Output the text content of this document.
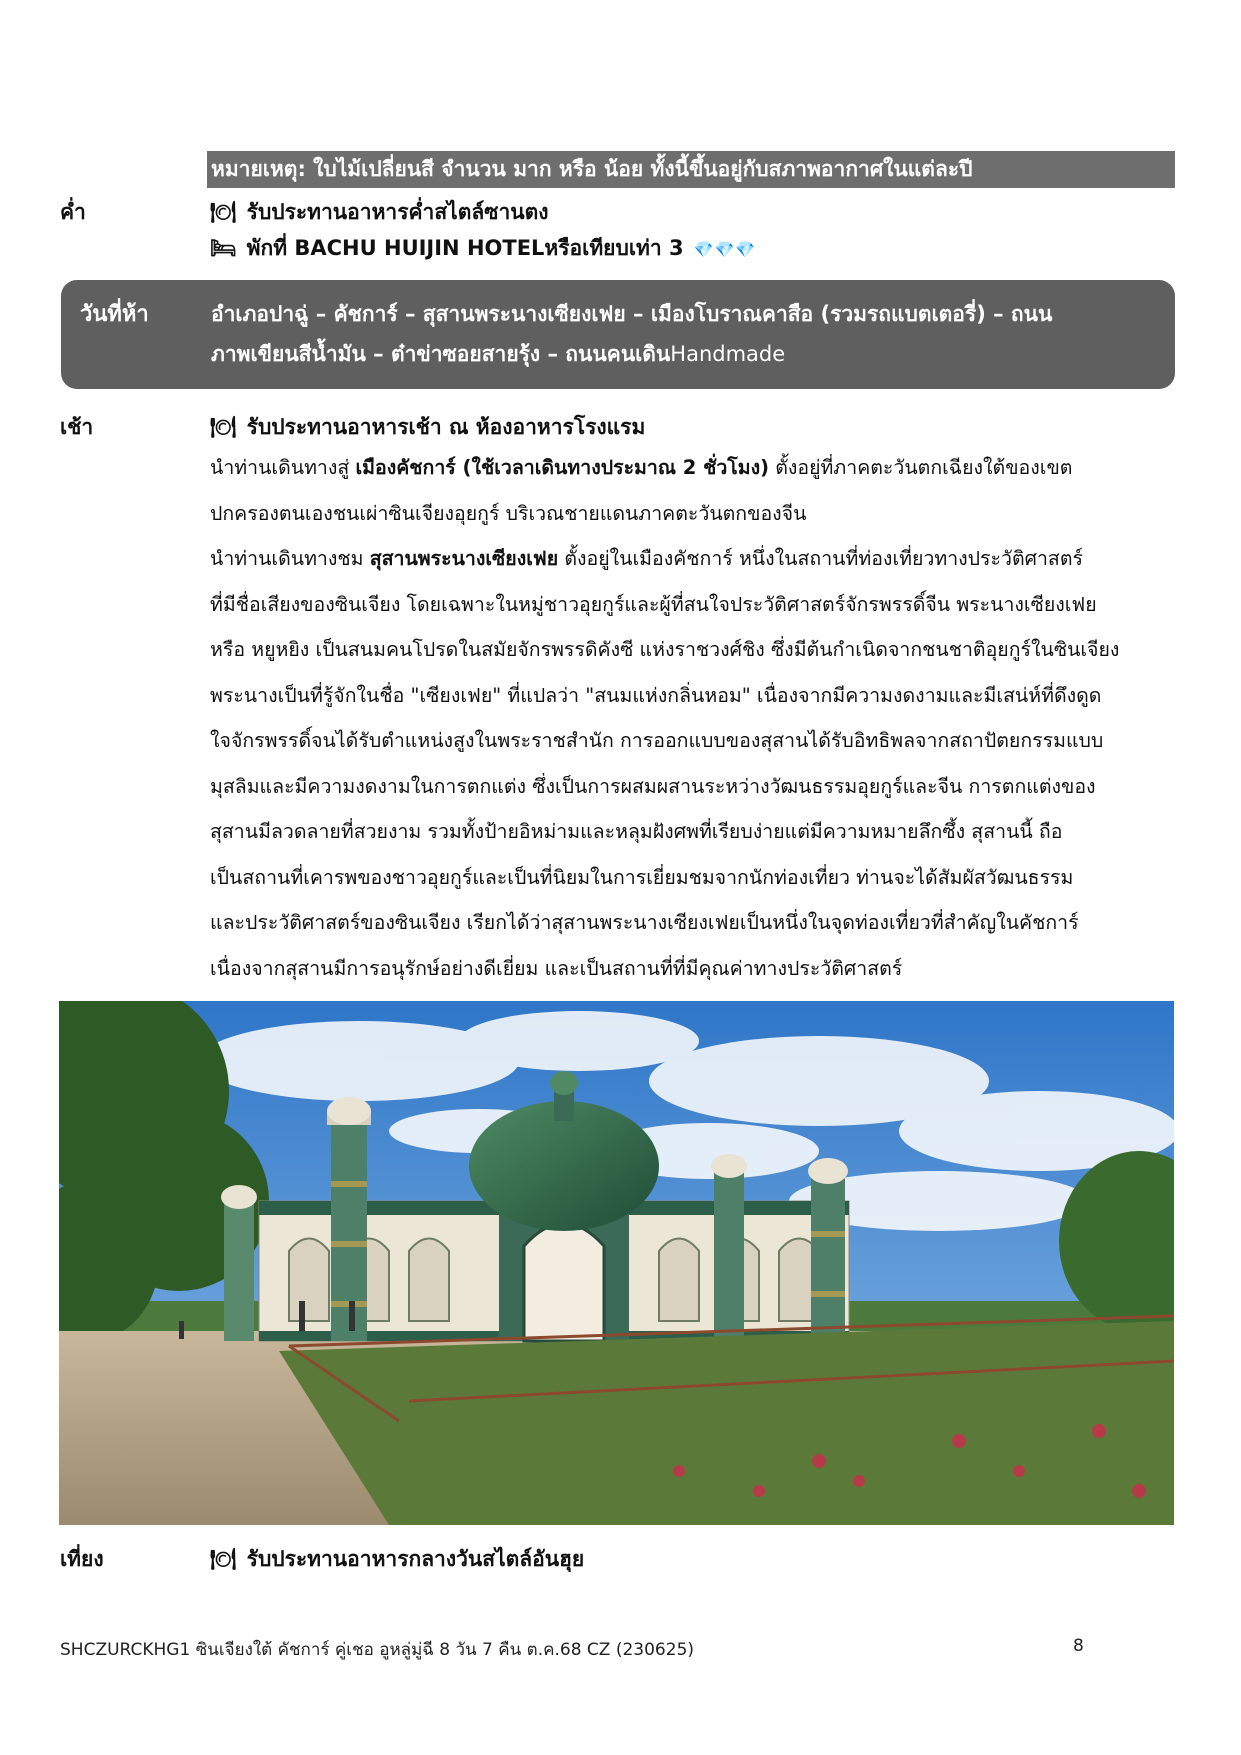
หมายเหตุ: ใบไม้เปลี่ยนสี จำนวน มาก หรือ น้อย ทั้งนี้ขึ้นอยู่กับสภาพอากาศในแต่ละปี
ค่ำ	🍽 รับประทานอาหารค่ำสไตล์ซานตง
🛏 พักที่ BACHU HUIJIN HOTELหรือเทียบเท่า 3 💎💎💎
วันที่ห้า	อำเภอปาฉู่ – คัชการ์ – สุสานพระนางเซียงเฟย – เมืองโบราณคาสือ (รวมรถแบตเตอรี่) – ถนน
ภาพเขียนสีน้ำมัน – ต๋าข่าซอยสายรุ้ง – ถนนคนเดินHandmade
เช้า	🍽 รับประทานอาหารเช้า ณ ห้องอาหารโรงแรม

นำท่านเดินทางสู่ เมืองคัชการ์ (ใช้เวลาเดินทางประมาณ 2 ชั่วโมง) ตั้งอยู่ที่ภาคตะวันตกเฉียงใต้ของเขต

ปกครองตนเองชนเผ่าซินเจียงอุยกูร์ บริเวณชายแดนภาคตะวันตกของจีน

นำท่านเดินทางชม สุสานพระนางเซียงเฟย ตั้งอยู่ในเมืองคัชการ์ หนึ่งในสถานที่ท่องเที่ยวทางประวัติศาสตร์

ที่มีชื่อเสียงของซินเจียง โดยเฉพาะในหมู่ชาวอุยกูร์และผู้ที่สนใจประวัติศาสตร์จักรพรรดิ์จีน พระนางเซียงเฟย

หรือ หยูหยิง เป็นสนมคนโปรดในสมัยจักรพรรดิคังซี แห่งราชวงศ์ชิง ซึ่งมีต้นกำเนิดจากชนชาติอุยกูร์ในซินเจียง

พระนางเป็นที่รู้จักในชื่อ "เซียงเฟย" ที่แปลว่า "สนมแห่งกลิ่นหอม" เนื่องจากมีความงดงามและมีเสน่ห์ที่ดึงดูด

ใจจักรพรรดิ์จนได้รับตำแหน่งสูงในพระราชสำนัก การออกแบบของสุสานได้รับอิทธิพลจากสถาปัตยกรรมแบบ

มุสลิมและมีความงดงามในการตกแต่ง ซึ่งเป็นการผสมผสานระหว่างวัฒนธรรมอุยกูร์และจีน การตกแต่งของ

สุสานมีลวดลายที่สวยงาม รวมทั้งป้ายอิหม่ามและหลุมฝังศพที่เรียบง่ายแต่มีความหมายลึกซึ้ง สุสานนี้ ถือ

เป็นสถานที่เคารพของชาวอุยกูร์และเป็นที่นิยมในการเยี่ยมชมจากนักท่องเที่ยว ท่านจะได้สัมผัสวัฒนธรรม

และประวัติศาสตร์ของซินเจียง เรียกได้ว่าสุสานพระนางเซียงเฟยเป็นหนึ่งในจุดท่องเที่ยวที่สำคัญในคัชการ์

เนื่องจากสุสานมีการอนุรักษ์อย่างดีเยี่ยม และเป็นสถานที่ที่มีคุณค่าทางประวัติศาสตร์

เที่ยง	🍽 รับประทานอาหารกลางวันสไตล์อันฮุย
SHCZURCKHG1 ซินเจียงใต้ คัชการ์ คู่เชอ อูหลู่มู่ฉี 8 วัน 7 คืน ต.ค.68 CZ (230625)	8
